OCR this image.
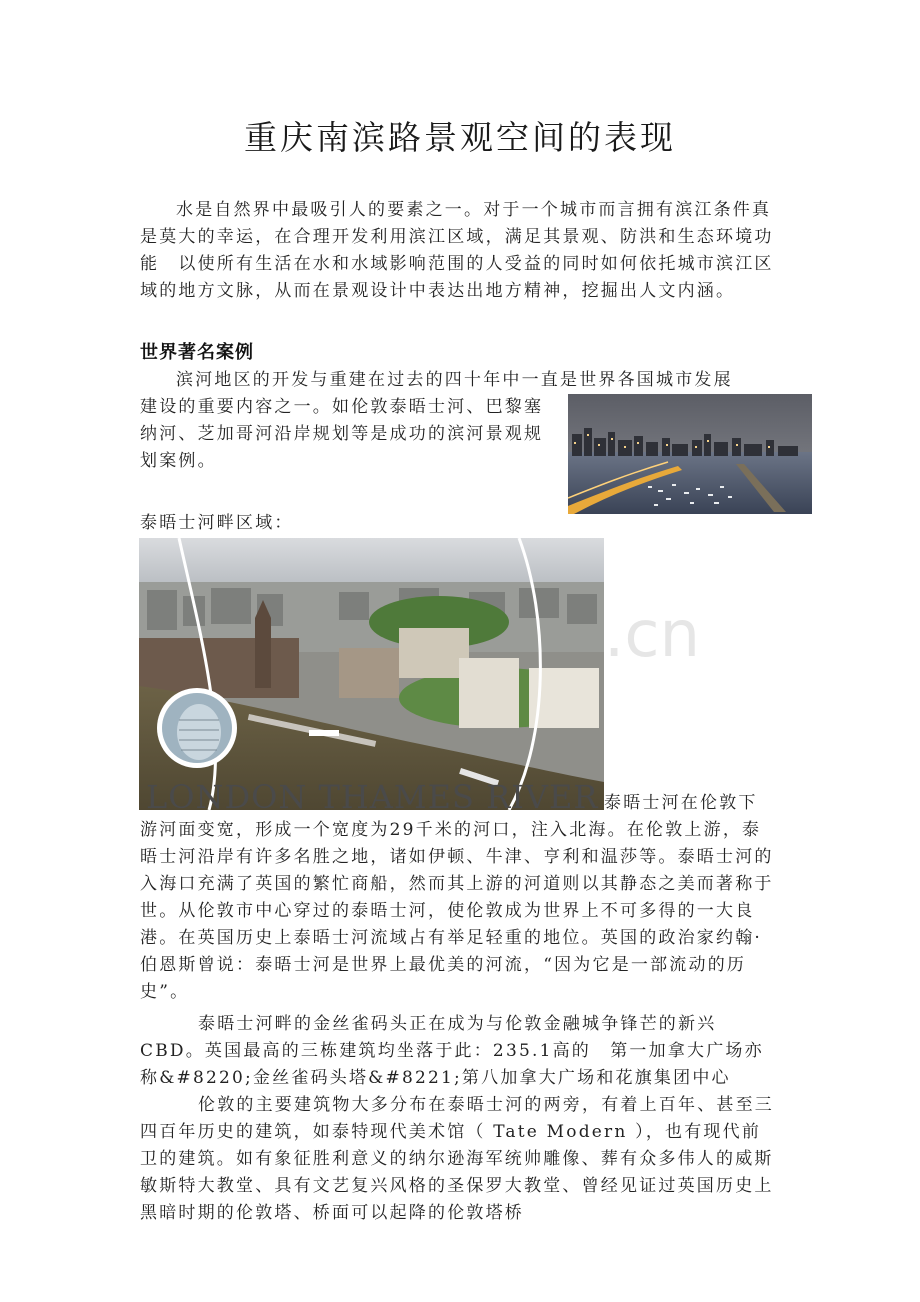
重庆南滨路景观空间的表现

水是自然界中最吸引人的要素之一。对于一个城市而言拥有滨江条件真是莫大的幸运，在合理开发利用滨江区域，满足其景观、防洪和生态环境功能　以使所有生活在水和水域影响范围的人受益的同时如何依托城市滨江区域的地方文脉，从而在景观设计中表达出地方精神，挖掘出人文内涵。

世界著名案例

滨河地区的开发与重建在过去的四十年中一直是世界各国城市发展

建设的重要内容之一。如伦敦泰晤士河、巴黎塞纳河、芝加哥河沿岸规划等是成功的滨河景观规划案例。

泰晤士河畔区域：
LONDON THAMES RIVER
.cn
泰晤士河在伦敦下

游河面变宽，形成一个宽度为29千米的河口，注入北海。在伦敦上游，泰晤士河沿岸有许多名胜之地，诸如伊顿、牛津、亨利和温莎等。泰晤士河的入海口充满了英国的繁忙商船，然而其上游的河道则以其静态之美而著称于世。从伦敦市中心穿过的泰晤士河，使伦敦成为世界上不可多得的一大良港。在英国历史上泰晤士河流域占有举足轻重的地位。英国的政治家约翰·伯恩斯曾说：泰晤士河是世界上最优美的河流，“因为它是一部流动的历史”。

泰晤士河畔的金丝雀码头正在成为与伦敦金融城争锋芒的新兴CBD。英国最高的三栋建筑均坐落于此：235.1高的　第一加拿大广场亦称&#8220;金丝雀码头塔&#8221;第八加拿大广场和花旗集团中心

伦敦的主要建筑物大多分布在泰晤士河的两旁，有着上百年、甚至三四百年历史的建筑，如泰特现代美术馆（ Tate Modern ），也有现代前卫的建筑。如有象征胜利意义的纳尔逊海军统帅雕像、葬有众多伟人的威斯敏斯特大教堂、具有文艺复兴风格的圣保罗大教堂、曾经见证过英国历史上黑暗时期的伦敦塔、桥面可以起降的伦敦塔桥
